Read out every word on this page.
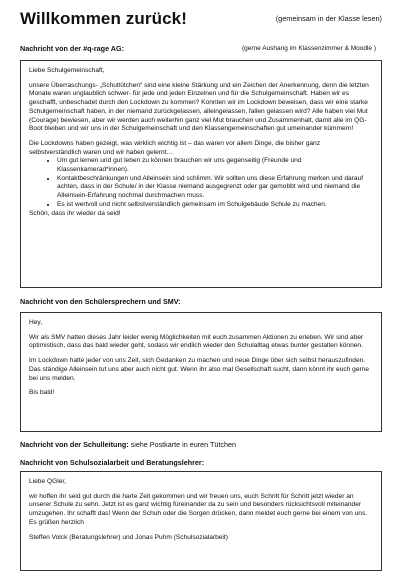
Willkommen zurück!	(gemeinsam in der Klasse lesen)
Nachricht von der #q-rage AG:	(gerne Aushang im Klassenzimmer & Moodle )

Liebe Schulgemeinschaft,

unsere Überraschungs- „Schultütchen“ sind eine kleine Stärkung und ein Zeichen der Anerkennung, denn die letzten Monate waren unglaublich schwer- für jede und jeden Einzelnen und für die Schulgemeinschaft. Haben wir es geschafft, unbeschadet durch den Lockdown zu kommen? Konnten wir im Lockdown beweisen, dass wir eine starke Schulgemeinschaft haben, in der niemand zurückgelassen, alleingelassen, fallen gelassen wird? Alle haben viel Mut (Courage) bewiesen, aber wir werden auch weiterhin ganz viel Mut brauchen und Zusammenhalt, damit alle im QG-Boot bleiben und wir uns in der Schulgemeinschaft und den Klassengemeinschaften gut umeinander kümmern!

Die Lockdowns haben gezeigt, was wirklich wichtig ist – das waren vor allem Dinge, die bisher ganz selbstverständlich waren und wir haben gelernt…

• Um gut lernen und gut leben zu können brauchen wir uns gegenseitig (Freunde und Klassenkamerad*innen).
• Kontaktbeschränkungen und Alleinsein sind schlimm. Wir sollten uns diese Erfahrung merken und darauf achten, dass in der Schule/ in der Klasse niemand ausgegrenzt oder gar gemobbt wird und niemand die Alleinsein-Erfahrung nochmal durchmachen muss.
• Es ist wertvoll und nicht selbstverständlich gemeinsam im Schulgebäude Schule zu machen.

Schön, dass ihr wieder da seid!

Nachricht von den Schülersprechern und SMV:

Hey,

Wir als SMV hatten dieses Jahr leider wenig Möglichkeiten mit euch zusammen Aktionen zu erleben. Wir sind aber optimistisch, dass das bald wieder geht, sodass wir endlich wieder den Schulalltag etwas bunter gestalten können.

Im Lockdown hatte jeder von uns Zeit, sich Gedanken zu machen und neue Dinge über sich selbst herauszufinden. Das ständige Alleinsein tut uns aber auch nicht gut. Wenn ihr also mal Gesellschaft sucht, dann könnt ihr euch gerne bei uns melden.

Bis bald!

Nachricht von der Schulleitung: siehe Postkarte in euren Tütchen
Nachricht von Schulsozialarbeit und Beratungslehrer:

Liebe QGler,

wir hoffen ihr seid gut durch die harte Zeit gekommen und wir freuen uns, euch Schritt für Schritt jetzt wieder an unserer Schule zu sehn. Jetzt ist es ganz wichtig füreinander da zu sein und besonders rücksichtsvoll miteinander umzugehen. Ihr schafft das! Wenn der Schuh oder die Sorgen drücken, dann meldet euch gerne bei einem von uns. Es grüßen herzlich

Steffen Volck (Beratungslehrer) und Jonas Puhm (Schulsozialarbeit)
